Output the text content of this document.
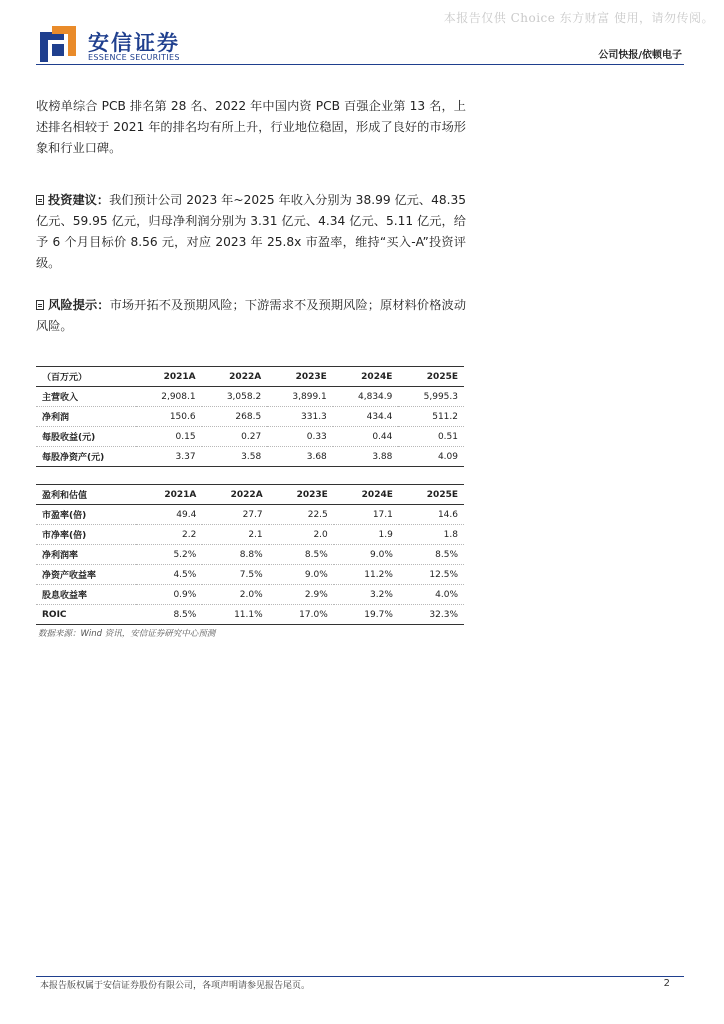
本报告仅供 Choice 东方财富 使用，请勿传阅。
安信证券
ESSENCE SECURITIES	公司快报/依顿电子
收榜单综合 PCB 排名第 28 名、2022 年中国内资 PCB 百强企业第 13 名，上述排名相较于 2021 年的排名均有所上升，行业地位稳固，形成了良好的市场形象和行业口碑。
投资建议：我们预计公司 2023 年~2025 年收入分别为 38.99 亿元、48.35 亿元、59.95 亿元，归母净利润分别为 3.31 亿元、4.34 亿元、5.11 亿元，给予 6 个月目标价 8.56 元，对应 2023 年 25.8x 市盈率，维持“买入-A”投资评级。
风险提示：市场开拓不及预期风险；下游需求不及预期风险；原材料价格波动风险。
（百万元）	2021A	2022A	2023E	2024E	2025E
主营收入	2,908.1	3,058.2	3,899.1	4,834.9	5,995.3
净利润	150.6	268.5	331.3	434.4	511.2
每股收益(元)	0.15	0.27	0.33	0.44	0.51
每股净资产(元)	3.37	3.58	3.68	3.88	4.09
盈利和估值	2021A	2022A	2023E	2024E	2025E
市盈率(倍)	49.4	27.7	22.5	17.1	14.6
市净率(倍)	2.2	2.1	2.0	1.9	1.8
净利润率	5.2%	8.8%	8.5%	9.0%	8.5%
净资产收益率	4.5%	7.5%	9.0%	11.2%	12.5%
股息收益率	0.9%	2.0%	2.9%	3.2%	4.0%
ROIC	8.5%	11.1%	17.0%	19.7%	32.3%
数据来源：Wind 资讯，安信证券研究中心预测
本报告版权属于安信证券股份有限公司，各项声明请参见报告尾页。	2
